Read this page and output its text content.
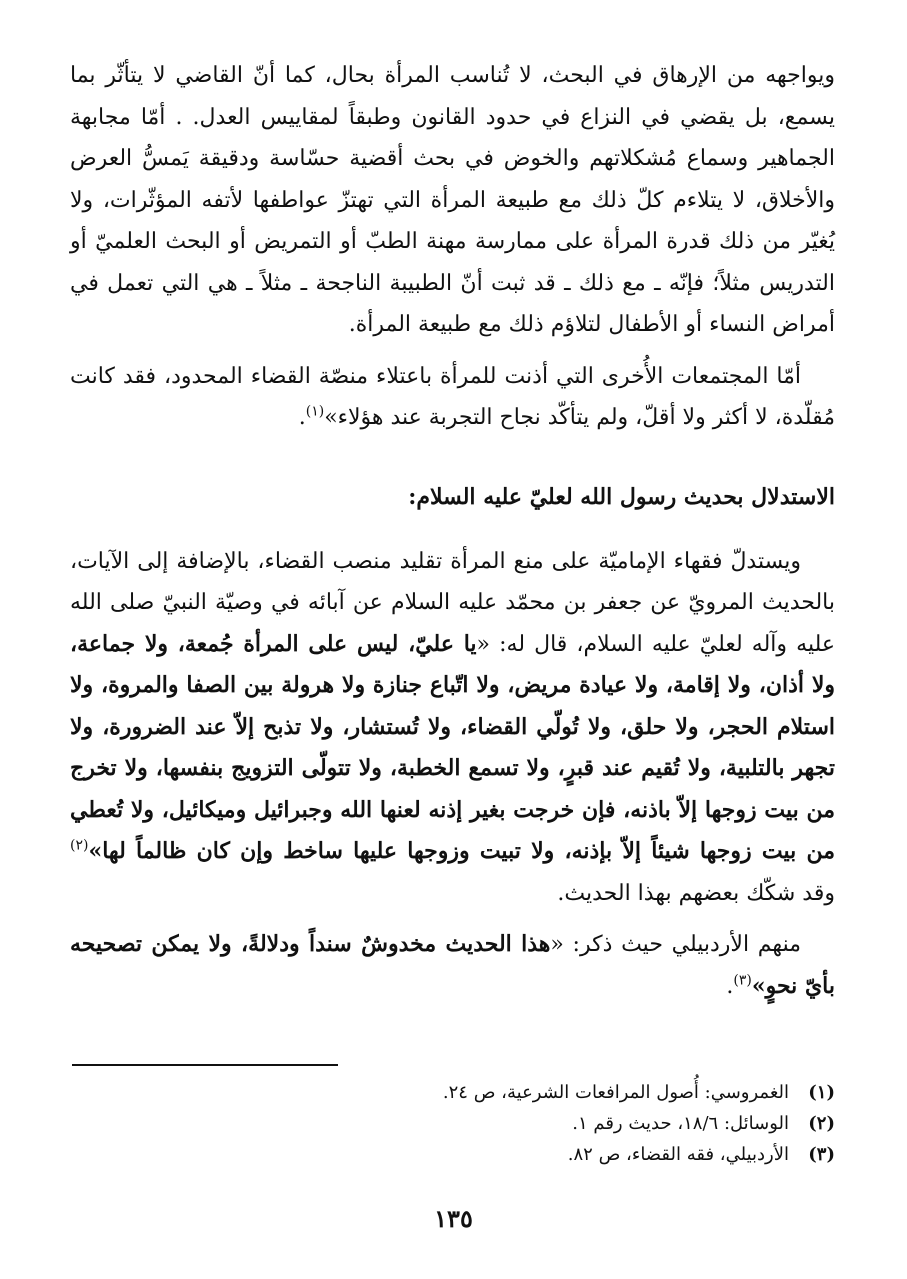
ويواجهه من الإرهاق في البحث، لا تُناسب المرأة بحال، كما أنّ القاضي لا يتأثّر بما يسمع، بل يقضي في النزاع في حدود القانون وطبقاً لمقاييس العدل. . أمّا مجابهة الجماهير وسماع مُشكلاتهم والخوض في بحث أقضية حسّاسة ودقيقة يَمسُّ العرض والأخلاق، لا يتلاءم كلّ ذلك مع طبيعة المرأة التي تهتزّ عواطفها لأتفه المؤثّرات، ولا يُغيّر من ذلك قدرة المرأة على ممارسة مهنة الطبّ أو التمريض أو البحث العلميّ أو التدريس مثلاً؛ فإنّه ـ مع ذلك ـ قد ثبت أنّ الطبيبة الناجحة ـ مثلاً ـ هي التي تعمل في أمراض النساء أو الأطفال لتلاؤم ذلك مع طبيعة المرأة.

أمّا المجتمعات الأُخرى التي أذنت للمرأة باعتلاء منصّة القضاء المحدود، فقد كانت مُقلّدة، لا أكثر ولا أقلّ، ولم يتأكّد نجاح التجربة عند هؤلاء»$^{(١)}$.

الاستدلال بحديث رسول الله لعليّ عليه السلام:

ويستدلّ فقهاء الإماميّة على منع المرأة تقليد منصب القضاء، بالإضافة إلى الآيات، بالحديث المرويّ عن جعفر بن محمّد عليه السلام عن آبائه في وصيّة النبيّ صلى الله عليه وآله لعليّ عليه السلام، قال له: «يا عليّ، ليس على المرأة جُمعة، ولا جماعة، ولا أذان، ولا إقامة، ولا عيادة مريض، ولا اتّباع جنازة ولا هرولة بين الصفا والمروة، ولا استلام الحجر، ولا حلق، ولا تُولّي القضاء، ولا تُستشار، ولا تذبح إلاّ عند الضرورة، ولا تجهر بالتلبية، ولا تُقيم عند قبرٍ، ولا تسمع الخطبة، ولا تتولّى التزويج بنفسها، ولا تخرج من بيت زوجها إلاّ باذنه، فإن خرجت بغير إذنه لعنها الله وجبرائيل وميكائيل، ولا تُعطي من بيت زوجها شيئاً إلاّ بإذنه، ولا تبيت وزوجها عليها ساخط وإن كان ظالماً لها»$^{(٢)}$ وقد شكّك بعضهم بهذا الحديث.

منهم الأردبيلي حيث ذكر: «هذا الحديث مخدوشٌ سنداً ودلالةً، ولا يمكن تصحيحه بأيّ نحوٍ»$^{(٣)}$.

(١)
الغمروسي: أُصول المرافعات الشرعية، ص ٢٤.
(٢)
الوسائل: ١٨/٦، حديث رقم ١.
(٣)
الأردبيلي، فقه القضاء، ص ٨٢.
١٣٥
